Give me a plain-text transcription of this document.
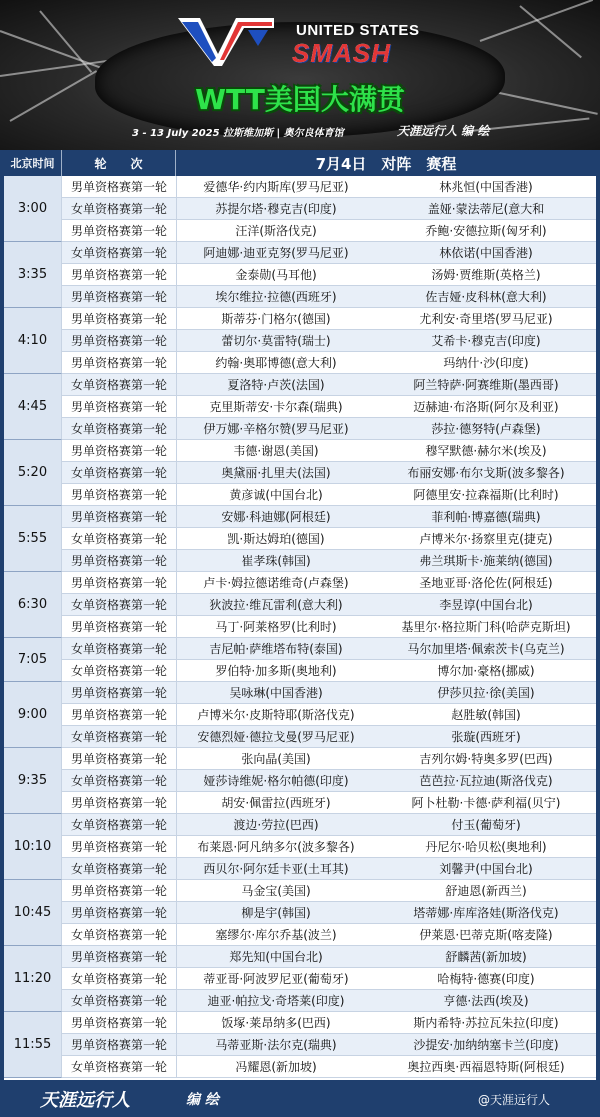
UNITED STATES
SMASH
WTT美国大满贯
3 - 13 July 2025 拉斯维加斯 | 奥尔良体育馆	天涯远行人 编 绘
北京时间	轮　　次	7月4日　对阵　赛程
3:00
男单资格赛第一轮	爱德华·约内斯库(罗马尼亚)	林兆恒(中国香港)
女单资格赛第一轮	苏提尔塔·穆克吉(印度)	盖娅·蒙法蒂尼(意大和
男单资格赛第一轮	汪洋(斯洛伐克)	乔鲍·安德拉斯(匈牙利)
3:35
女单资格赛第一轮	阿迪娜·迪亚克努(罗马尼亚)	林依诺(中国香港)
男单资格赛第一轮	金泰勋(马耳他)	汤姆·贾维斯(英格兰)
男单资格赛第一轮	埃尔维拉·拉德(西班牙)	佐吉娅·皮科林(意大利)
4:10
男单资格赛第一轮	斯蒂芬·门格尔(德国)	尤利安·奇里塔(罗马尼亚)
男单资格赛第一轮	蕾切尔·莫雷特(瑞士)	艾希卡·穆克吉(印度)
男单资格赛第一轮	约翰·奥耶博德(意大利)	玛纳什·沙(印度)
4:45
女单资格赛第一轮	夏洛特·卢茨(法国)	阿兰特萨·阿赛维斯(墨西哥)
男单资格赛第一轮	克里斯蒂安·卡尔森(瑞典)	迈赫迪·布洛斯(阿尔及利亚)
女单资格赛第一轮	伊万娜·辛格尔赞(罗马尼亚)	莎拉·德努特(卢森堡)
5:20
男单资格赛第一轮	韦德·谢恩(美国)	穆罕默德·赫尔米(埃及)
女单资格赛第一轮	奥黛丽·扎里夫(法国)	布丽安娜·布尔戈斯(波多黎各)
男单资格赛第一轮	黄彦诚(中国台北)	阿德里安·拉森福斯(比利时)
5:55
男单资格赛第一轮	安娜·科迪娜(阿根廷)	菲利帕·博嘉德(瑞典)
女单资格赛第一轮	凯·斯达姆珀(德国)	卢博米尔·扬察里克(捷克)
男单资格赛第一轮	崔孝珠(韩国)	弗兰琪斯卡·施莱纳(德国)
6:30
男单资格赛第一轮	卢卡·姆拉德诺维奇(卢森堡)	圣地亚哥·洛伦佐(阿根廷)
女单资格赛第一轮	狄波拉·维瓦雷利(意大利)	李昱谆(中国台北)
男单资格赛第一轮	马丁·阿莱格罗(比利时)	基里尔·格拉斯门科(哈萨克斯坦)
7:05
女单资格赛第一轮	吉尼帕·萨维塔布特(泰国)	马尔加里塔·佩索茨卡(乌克兰)
女单资格赛第一轮	罗伯特·加多斯(奥地利)	博尔加·豪格(挪威)
9:00
男单资格赛第一轮	吴咏琳(中国香港)	伊莎贝拉·徐(美国)
男单资格赛第一轮	卢博米尔·皮斯特耶(斯洛伐克)	赵胜敏(韩国)
女单资格赛第一轮	安德烈娅·德拉戈曼(罗马尼亚)	张璇(西班牙)
9:35
男单资格赛第一轮	张向晶(美国)	吉列尔姆·特奥多罗(巴西)
女单资格赛第一轮	娅莎诗维妮·格尔帕德(印度)	芭芭拉·瓦拉迪(斯洛伐克)
男单资格赛第一轮	胡安·佩雷拉(西班牙)	阿卜杜勒·卡德·萨利福(贝宁)
10:10
女单资格赛第一轮	渡边·劳拉(巴西)	付玉(葡萄牙)
男单资格赛第一轮	布莱恩·阿凡纳多尔(波多黎各)	丹尼尔·哈贝松(奥地利)
女单资格赛第一轮	西贝尔·阿尔廷卡亚(土耳其)	刘馨尹(中国台北)
10:45
男单资格赛第一轮	马金宝(美国)	舒迪恩(新西兰)
男单资格赛第一轮	柳是宇(韩国)	塔蒂娜·库库洛娃(斯洛伐克)
女单资格赛第一轮	塞缪尔·库尔乔基(波兰)	伊莱恩·巴蒂克斯(喀麦隆)
11:20
男单资格赛第一轮	郑先知(中国台北)	舒麟茜(新加坡)
女单资格赛第一轮	蒂亚哥·阿波罗尼亚(葡萄牙)	哈梅特·德赛(印度)
女单资格赛第一轮	迪亚·帕拉戈·奇塔莱(印度)	亨德·法西(埃及)
11:55
男单资格赛第一轮	饭塚·莱昂纳多(巴西)	斯内希特·苏拉瓦朱拉(印度)
男单资格赛第一轮	马蒂亚斯·法尔克(瑞典)	沙提安·加纳纳塞卡兰(印度)
女单资格赛第一轮	冯耀恩(新加坡)	奥拉西奥·西福恩特斯(阿根廷)
天涯远行人	编 绘	@天涯远行人
